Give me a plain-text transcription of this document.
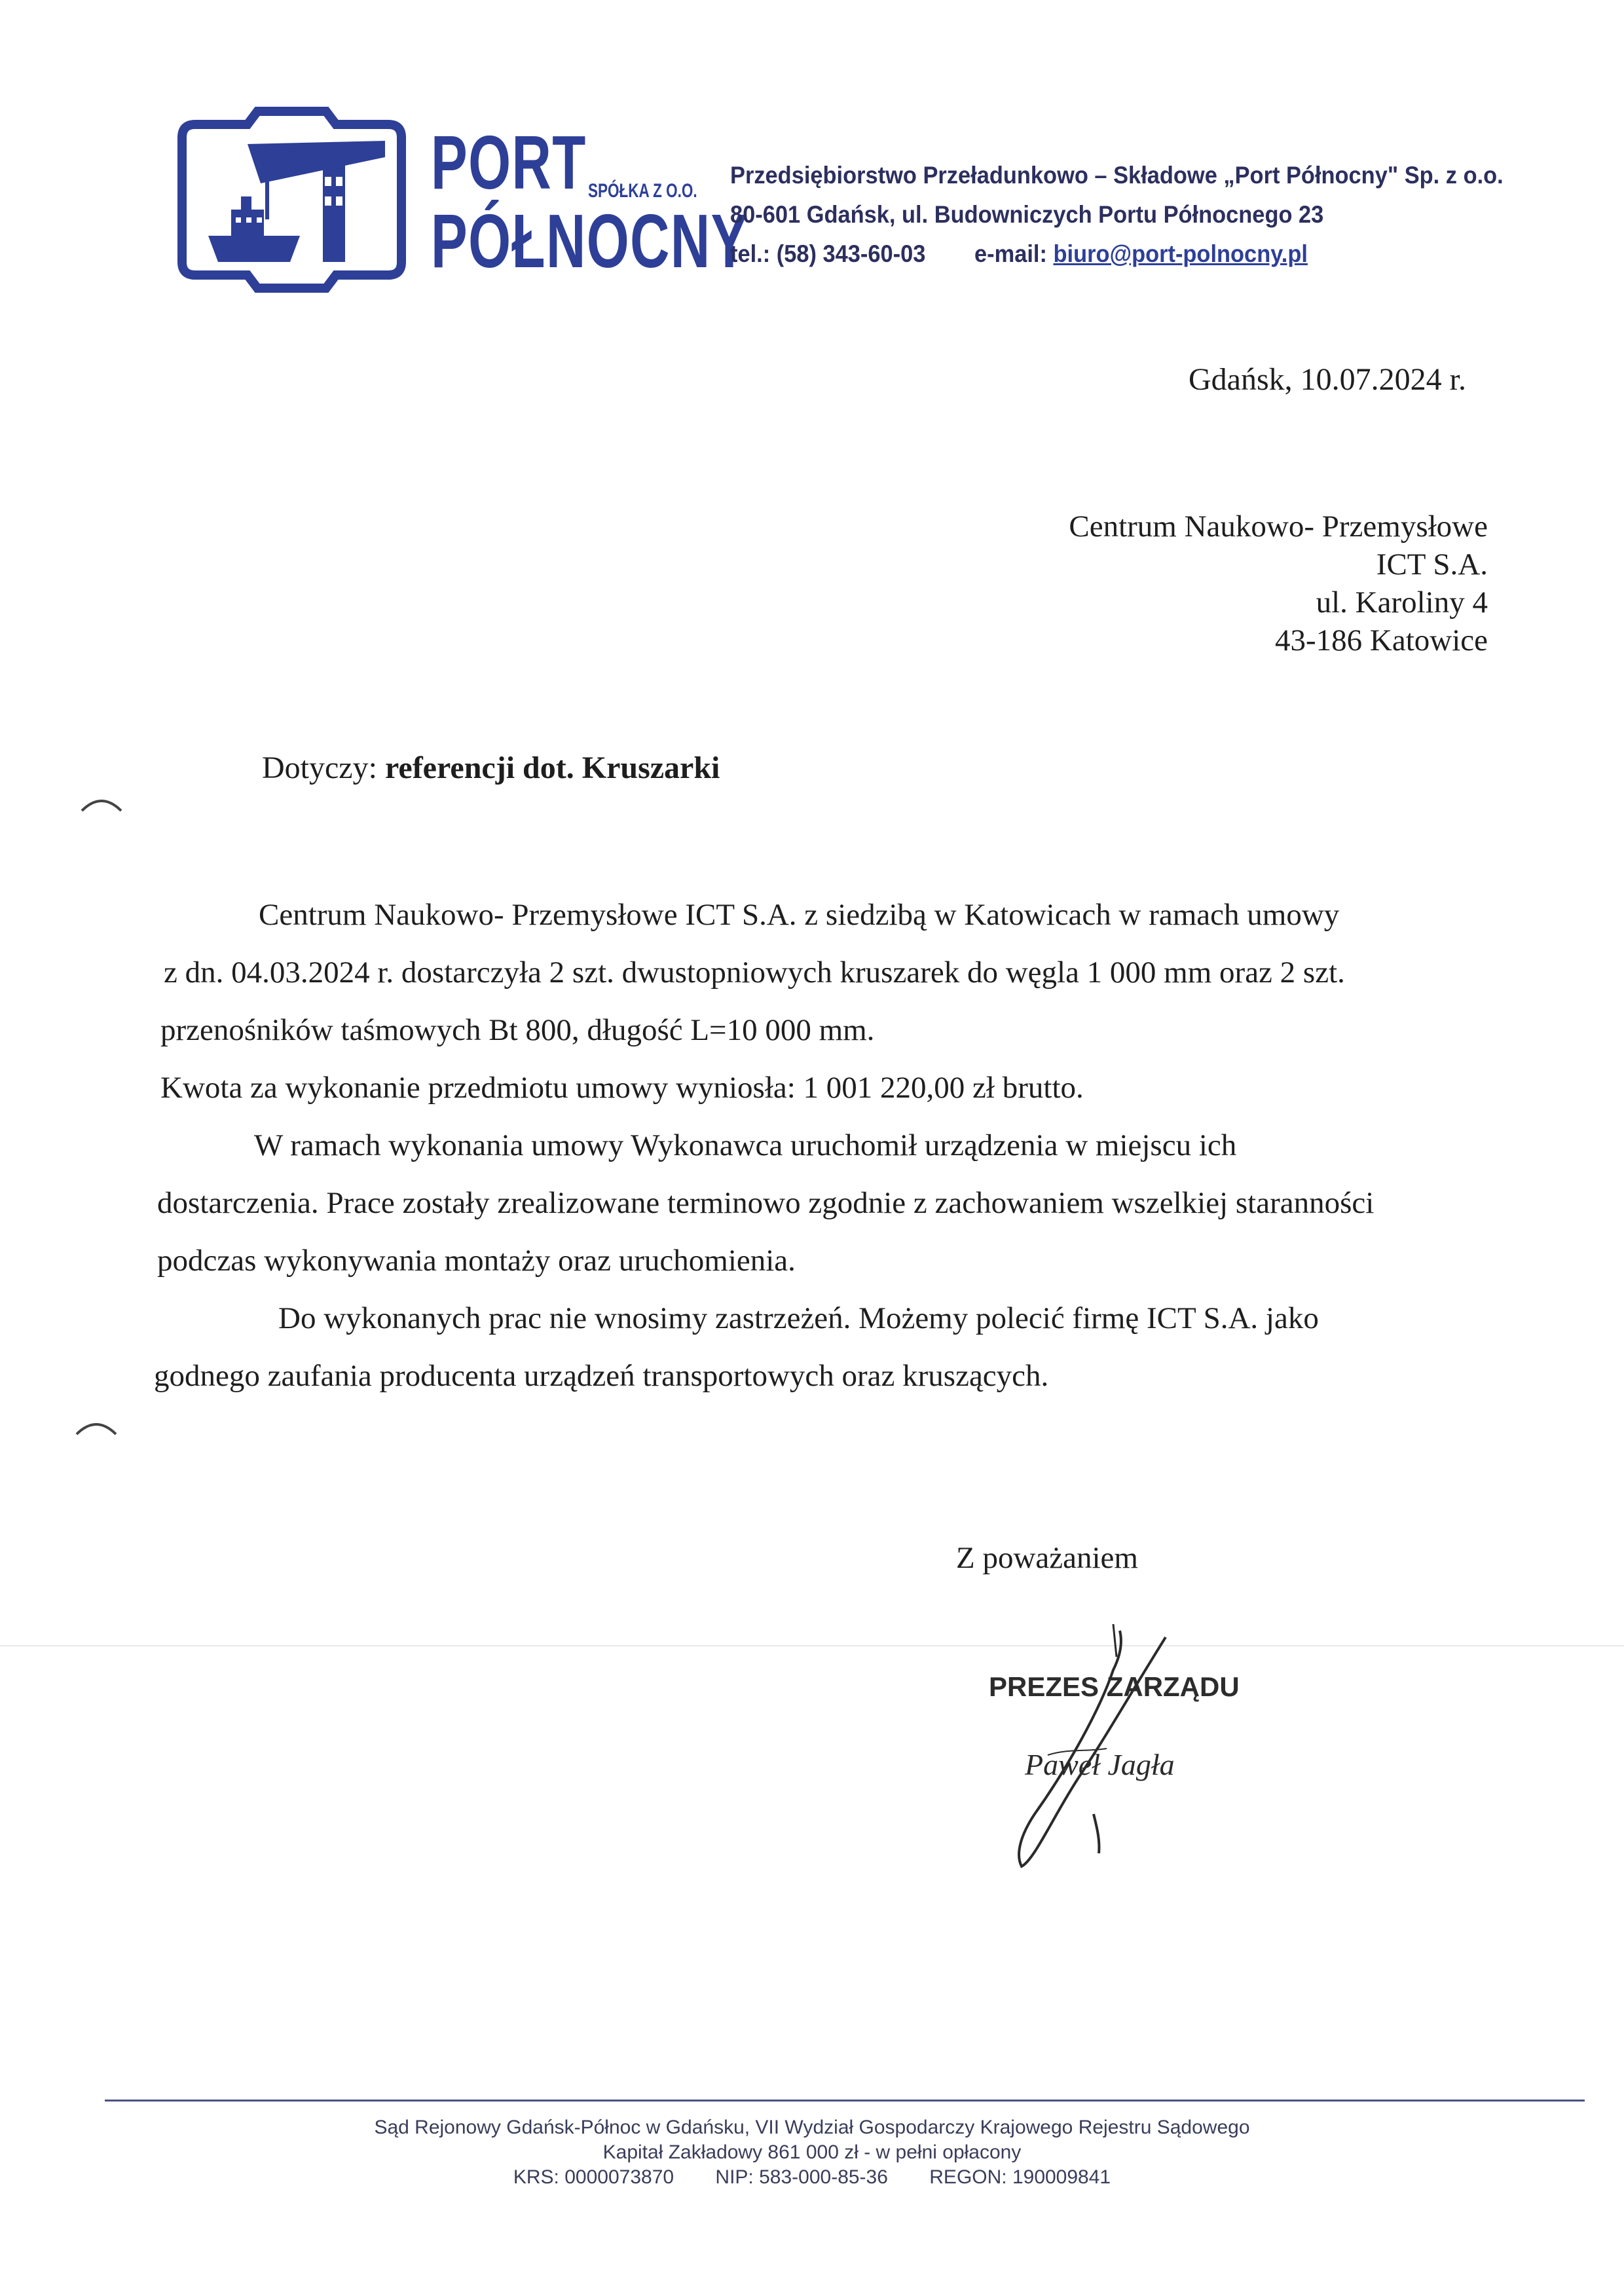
PORT
PÓŁNOCNY
SPÓŁKA Z O.O.
Przedsiębiorstwo Przeładunkowo – Składowe „Port Północny" Sp. z o.o.
80-601 Gdańsk, ul. Budowniczych Portu Północnego 23
tel.: (58) 343-60-03 e-mail: biuro@port-polnocny.pl
Gdańsk, 10.07.2024 r.
Centrum Naukowo- Przemysłowe
ICT S.A.
ul. Karoliny 4
43-186 Katowice
Dotyczy: referencji dot. Kruszarki
Centrum Naukowo- Przemysłowe ICT S.A. z siedzibą w Katowicach w ramach umowy
z dn. 04.03.2024 r. dostarczyła 2 szt. dwustopniowych kruszarek do węgla 1 000 mm oraz 2 szt.
przenośników taśmowych Bt 800, długość L=10 000 mm.
Kwota za wykonanie przedmiotu umowy wyniosła: 1 001 220,00 zł brutto.
W ramach wykonania umowy Wykonawca uruchomił urządzenia w miejscu ich
dostarczenia. Prace zostały zrealizowane terminowo zgodnie z zachowaniem wszelkiej staranności
podczas wykonywania montaży oraz uruchomienia.
Do wykonanych prac nie wnosimy zastrzeżeń. Możemy polecić firmę ICT S.A. jako
godnego zaufania producenta urządzeń transportowych oraz kruszących.
Z poważaniem
PREZES ZARZĄDU
Paweł Jagła
Sąd Rejonowy Gdańsk-Północ w Gdańsku, VII Wydział Gospodarczy Krajowego Rejestru Sądowego
Kapitał Zakładowy 861 000 zł - w pełni opłacony
KRS: 0000073870 NIP: 583-000-85-36 REGON: 190009841
